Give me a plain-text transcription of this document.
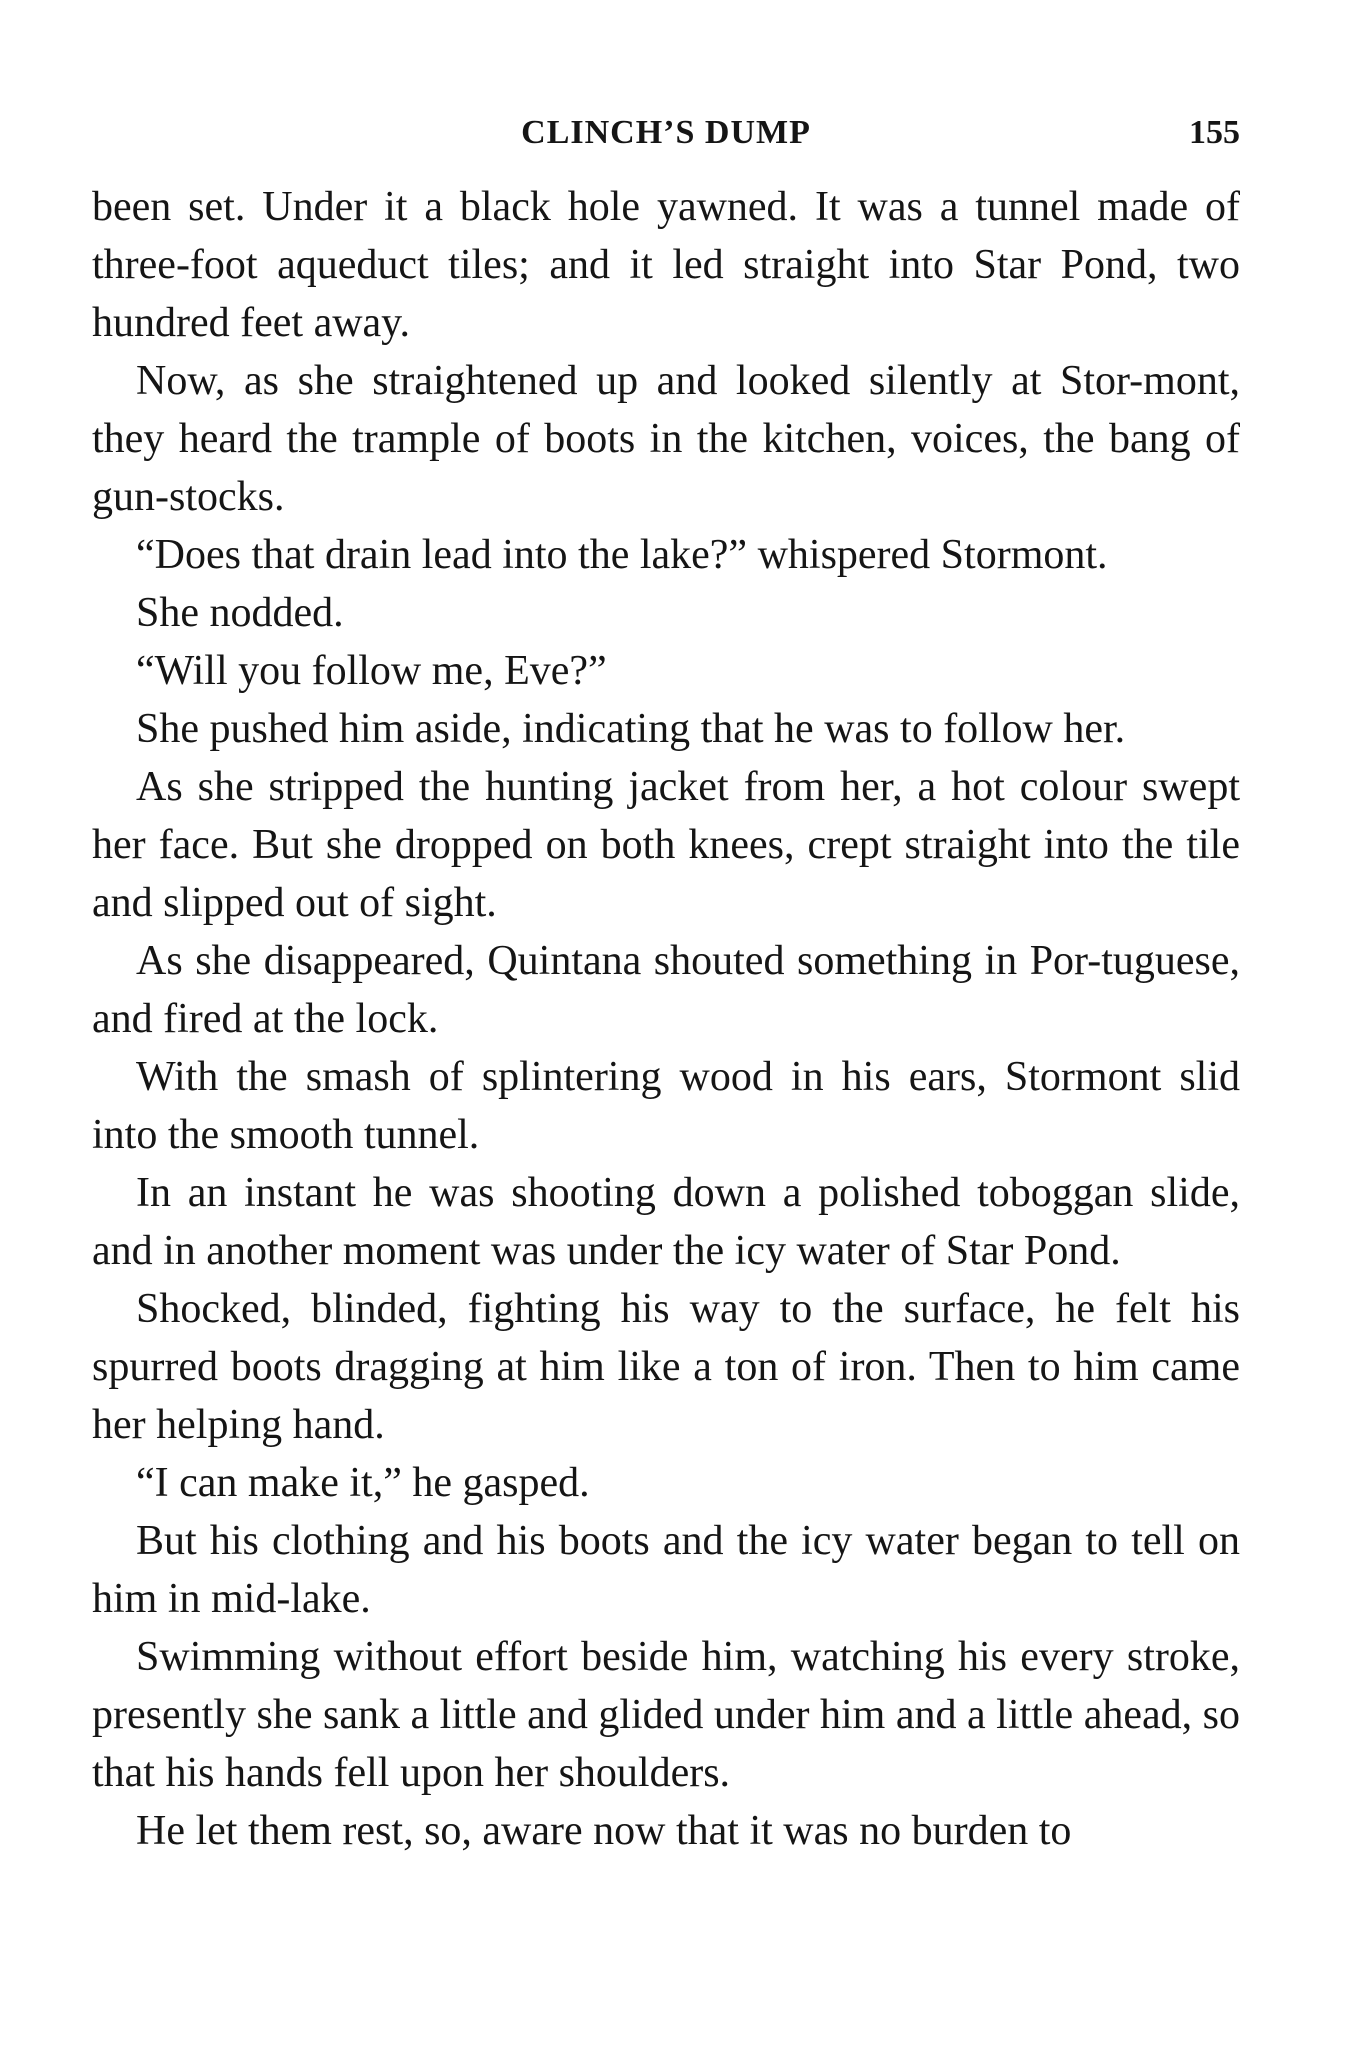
CLINCH’S DUMP	155

been set. Under it a black hole yawned. It was a tunnel made of three-foot aqueduct tiles; and it led straight into Star Pond, two hundred feet away.

Now, as she straightened up and looked silently at Stor-mont, they heard the trample of boots in the kitchen, voices, the bang of gun-stocks.

“Does that drain lead into the lake?” whispered Stormont.

She nodded.

“Will you follow me, Eve?”

She pushed him aside, indicating that he was to follow her.

As she stripped the hunting jacket from her, a hot colour swept her face. But she dropped on both knees, crept straight into the tile and slipped out of sight.

As she disappeared, Quintana shouted something in Por-tuguese, and fired at the lock.

With the smash of splintering wood in his ears, Stormont slid into the smooth tunnel.

In an instant he was shooting down a polished toboggan slide, and in another moment was under the icy water of Star Pond.

Shocked, blinded, fighting his way to the surface, he felt his spurred boots dragging at him like a ton of iron. Then to him came her helping hand.

“I can make it,” he gasped.

But his clothing and his boots and the icy water began to tell on him in mid-lake.

Swimming without effort beside him, watching his every stroke, presently she sank a little and glided under him and a little ahead, so that his hands fell upon her shoulders.

He let them rest, so, aware now that it was no burden to
